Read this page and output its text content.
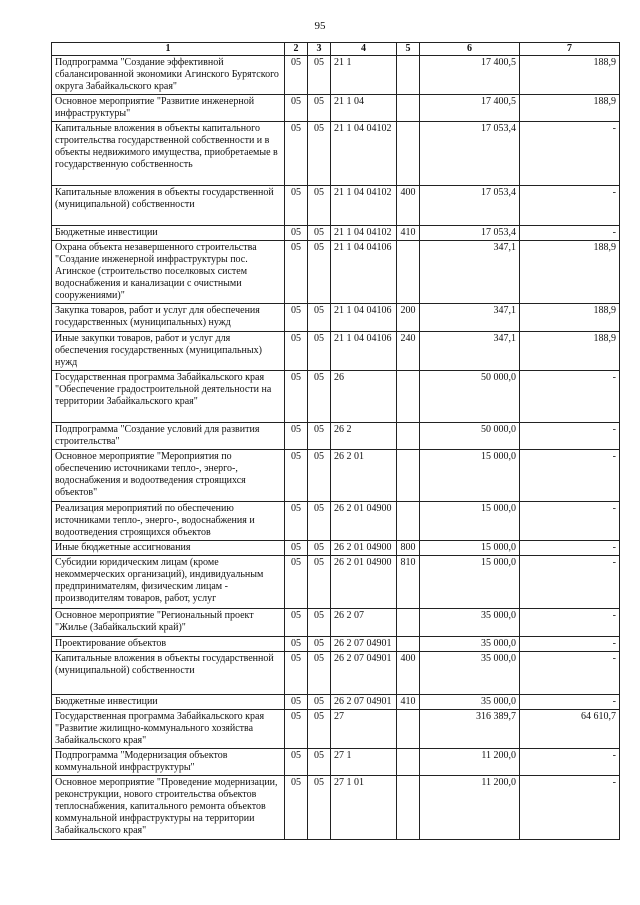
95
1	2	3	4	5	6	7
Подпрограмма "Создание эффективной сбалансированной экономики Агинского Бурятского округа Забайкальского края"	05	05	21 1		17 400,5	188,9
Основное мероприятие "Развитие инженерной инфраструктуры"	05	05	21 1 04		17 400,5	188,9
Капитальные вложения в объекты капитального строительства государственной собственности и в объекты недвижимого имущества, приобретаемые в государственную собственность	05	05	21 1 04 04102		17 053,4	-
Капитальные вложения в объекты государственной (муниципальной) собственности	05	05	21 1 04 04102	400	17 053,4	-
Бюджетные инвестиции	05	05	21 1 04 04102	410	17 053,4	-
Охрана объекта незавершенного строительства "Создание инженерной инфраструктуры пос. Агинское (строительство поселковых систем водоснабжения и канализации с очистными сооружениями)"	05	05	21 1 04 04106		347,1	188,9
Закупка товаров, работ и услуг для обеспечения государственных (муниципальных) нужд	05	05	21 1 04 04106	200	347,1	188,9
Иные закупки товаров, работ и услуг для обеспечения государственных (муниципальных) нужд	05	05	21 1 04 04106	240	347,1	188,9
Государственная программа Забайкальского края "Обеспечение градостроительной деятельности на территории Забайкальского края"	05	05	26		50 000,0	-
Подпрограмма "Создание условий для развития строительства"	05	05	26 2		50 000,0	-
Основное мероприятие "Мероприятия по обеспечению источниками тепло-, энерго-, водоснабжения и водоотведения строящихся объектов"	05	05	26 2 01		15 000,0	-
Реализация мероприятий по обеспечению источниками тепло-, энерго-, водоснабжения и водоотведения строящихся объектов	05	05	26 2 01 04900		15 000,0	-
Иные бюджетные ассигнования	05	05	26 2 01 04900	800	15 000,0	-
Субсидии юридическим лицам (кроме некоммерческих организаций), индивидуальным предпринимателям, физическим лицам - производителям товаров, работ, услуг	05	05	26 2 01 04900	810	15 000,0	-
Основное мероприятие "Региональный проект "Жилье (Забайкальский край)"	05	05	26 2 07		35 000,0	-
Проектирование объектов	05	05	26 2 07 04901		35 000,0	-
Капитальные вложения в объекты государственной (муниципальной) собственности	05	05	26 2 07 04901	400	35 000,0	-
Бюджетные инвестиции	05	05	26 2 07 04901	410	35 000,0	-
Государственная программа Забайкальского края "Развитие жилищно-коммунального хозяйства Забайкальского края"	05	05	27		316 389,7	64 610,7
Подпрограмма "Модернизация объектов коммунальной инфраструктуры"	05	05	27 1		11 200,0	-
Основное мероприятие "Проведение модернизации, реконструкции, нового строительства объектов теплоснабжения, капитального ремонта объектов коммунальной инфраструктуры на территории Забайкальского края"	05	05	27 1 01		11 200,0	-
